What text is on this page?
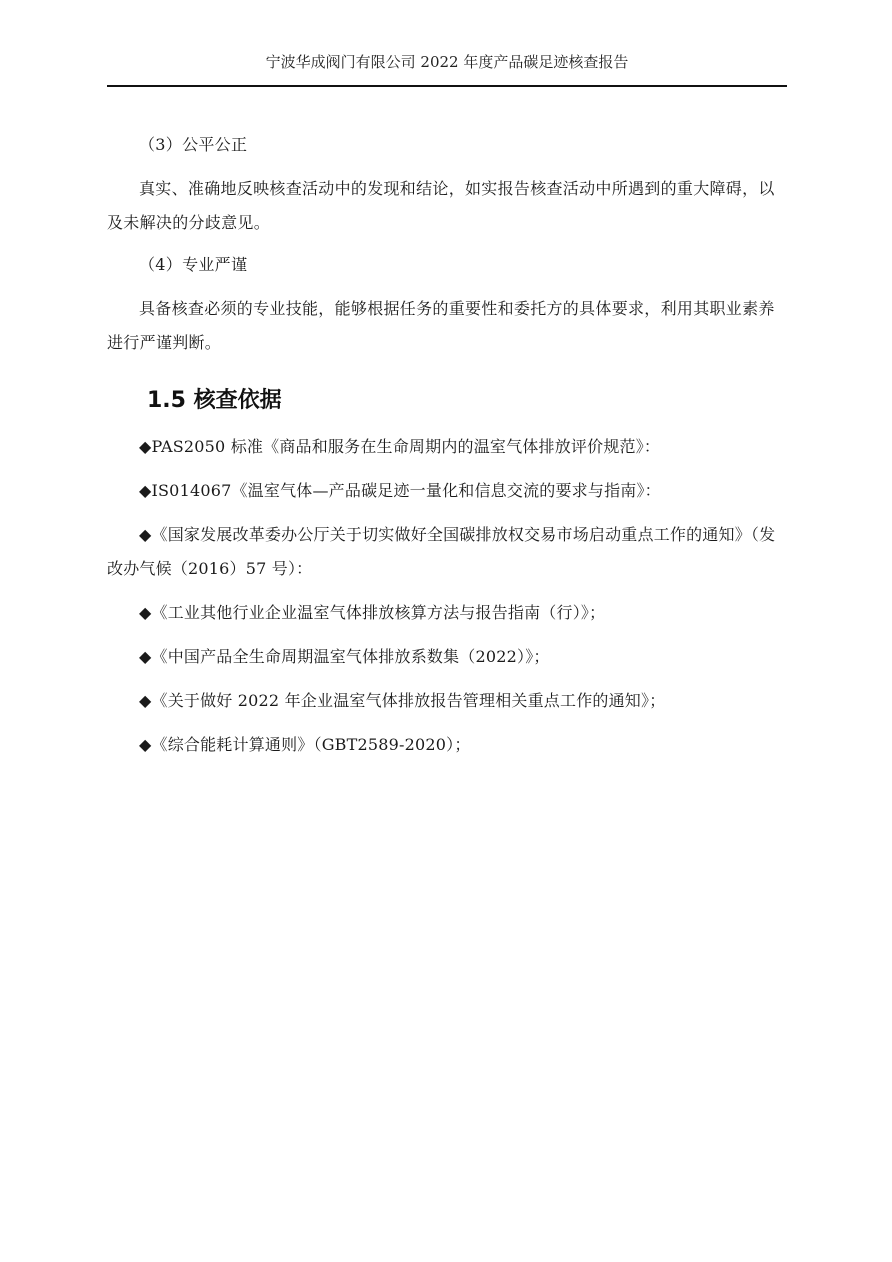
宁波华成阀门有限公司 2022 年度产品碳足迹核查报告

（3）公平公正

真实、准确地反映核查活动中的发现和结论，如实报告核查活动中所遇到的重大障碍，以及未解决的分歧意见。

（4）专业严谨

具备核查必须的专业技能，能够根据任务的重要性和委托方的具体要求，利用其职业素养进行严谨判断。

1.5 核查依据
◆PAS2050 标准《商品和服务在生命周期内的温室气体排放评价规范》：
◆IS014067《温室气体—产品碳足迹一量化和信息交流的要求与指南》：
◆《国家发展改革委办公厅关于切实做好全国碳排放权交易市场启动重点工作的通知》（发改办气候（2016）57 号）：
◆《工业其他行业企业温室气体排放核算方法与报告指南（行）》；
◆《中国产品全生命周期温室气体排放系数集（2022）》；
◆《关于做好 2022 年企业温室气体排放报告管理相关重点工作的通知》；
◆《综合能耗计算通则》（GBT2589-2020）；
